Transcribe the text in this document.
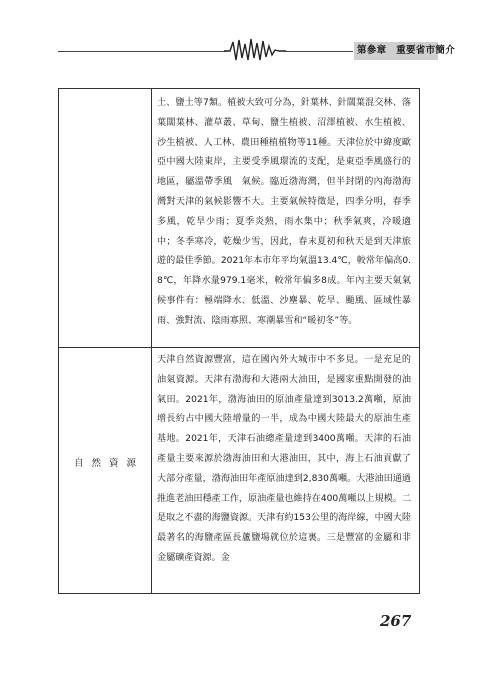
第參章　重要省市簡介
土、鹽土等7類。植被大致可分為，針葉林、針闊葉混交林、落葉闊葉林、灌草叢、草甸、鹽生植被、沼澤植被、水生植被、沙生植被、人工林、農田種植植物等11種。天津位於中緯度歐亞中國大陸東岸，主要受季風環流的支配，是東亞季風盛行的地區，屬溫帶季風　氣候。臨近渤海灣，但半封閉的內海渤海灣對天津的氣候影響不大。主要氣候特徵是，四季分明，春季多風，乾旱少雨；夏季炎熱，雨水集中；秋季氣爽，冷暖適中；冬季寒冷，乾燥少雪，因此，春末夏初和秋天是到天津旅遊的最佳季節。2021年本市年平均氣溫13.4℃，較常年偏高0.8℃，年降水量979.1毫米，較常年偏多8成。年內主要天氣氣候事件有：極端降水、低溫、沙塵暴、乾旱、颱風、區域性暴雨、強對流、陰雨寡照、寒潮暴雪和“暖初冬”等。
自然資源
天津自然資源豐富，這在國內外大城市中不多見。一是充足的油氣資源。天津有渤海和大港兩大油田，是國家重點開發的油氣田。2021年，渤海油田的原油產量達到3013.2萬噸，原油增長約占中國大陸增量的一半，成為中國大陸最大的原油生產基地。2021年，天津石油總產量達到3400萬噸。天津的石油產量主要來源於渤海油田和大港油田，其中，海上石油貢獻了大部分產量，渤海油田年產原油達到2,830萬噸。大港油田通過推進老油田穩產工作，原油產量也維持在400萬噸以上規模。二是取之不盡的海鹽資源。天津有約153公里的海岸線，中國大陸最著名的海鹽產區長蘆鹽場就位於這裏。三是豐富的金屬和非金屬礦產資源。金
267
